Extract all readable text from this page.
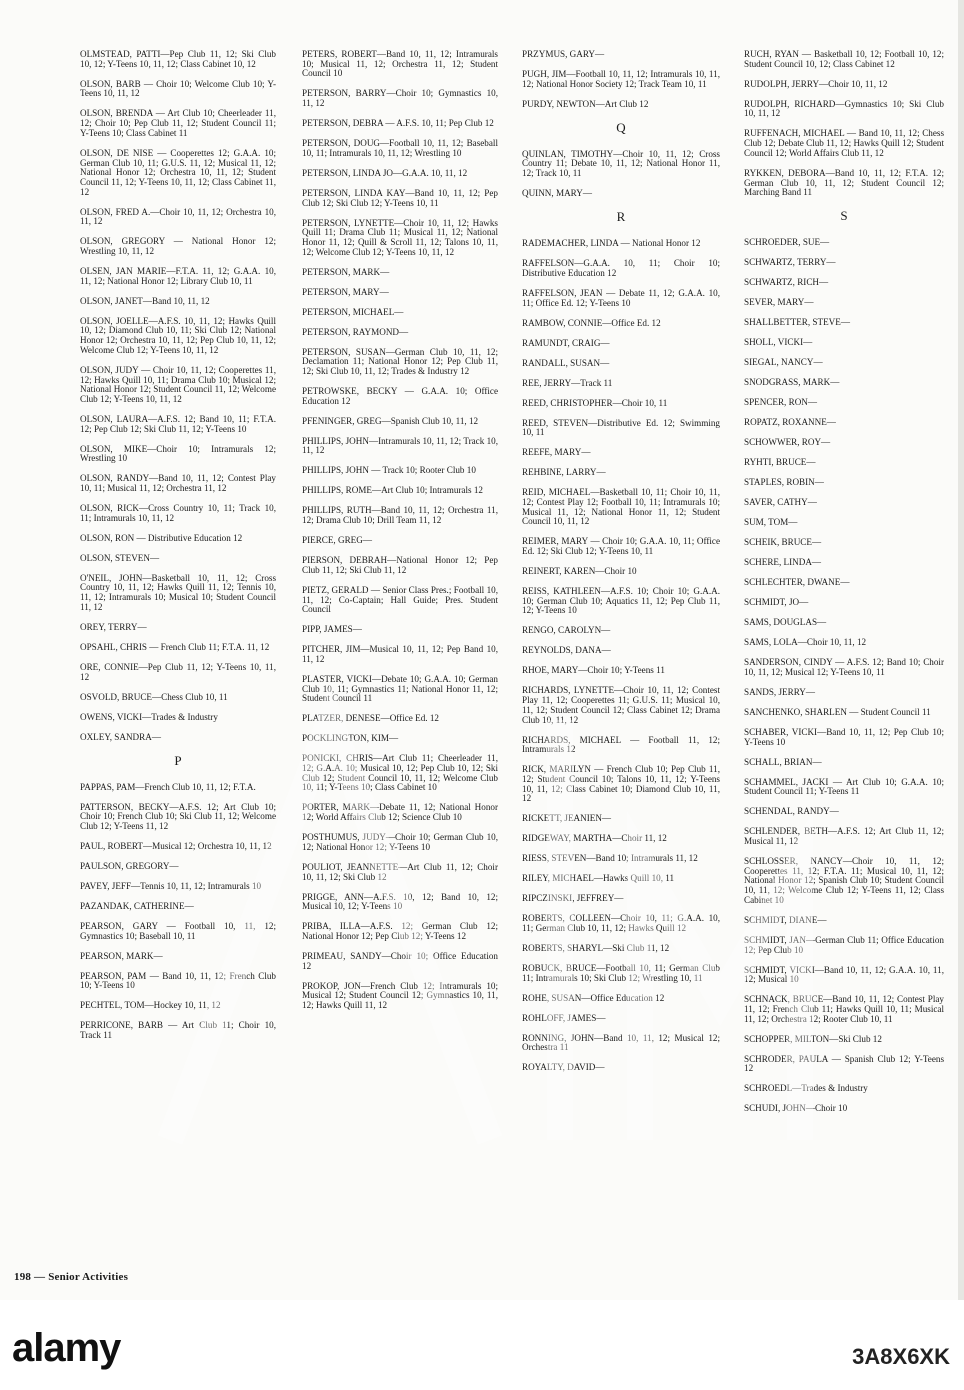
OLMSTEAD, PATTI—Pep Club 11, 12; Ski Club 10, 12; Y-Teens 10, 11, 12; Class Cabinet 10, 12
OLSON, BARB — Choir 10; Welcome Club 10; Y-Teens 10, 11, 12
OLSON, BRENDA — Art Club 10; Cheerleader 11, 12; Choir 10; Pep Club 11, 12; Student Council 11; Y-Teens 10; Class Cabinet 11
OLSON, DE NISE — Cooperettes 12; G.A.A. 10; German Club 10, 11; G.U.S. 11, 12; Musical 11, 12; National Honor 12; Orchestra 10, 11, 12; Student Council 11, 12; Y-Teens 10, 11, 12; Class Cabinet 11, 12
OLSON, FRED A.—Choir 10, 11, 12; Orchestra 10, 11, 12
OLSON, GREGORY — National Honor 12; Wrestling 10, 11, 12
OLSEN, JAN MARIE—F.T.A. 11, 12; G.A.A. 10, 11, 12; National Honor 12; Library Club 10, 11
OLSON, JANET—Band 10, 11, 12
OLSON, JOELLE—A.F.S. 10, 11, 12; Hawks Quill 10, 12; Diamond Club 10, 11; Ski Club 12; National Honor 12; Orchestra 10, 11, 12; Pep Club 10, 11, 12; Welcome Club 12; Y-Teens 10, 11, 12
OLSON, JUDY — Choir 10, 11, 12; Cooperettes 11, 12; Hawks Quill 10, 11; Drama Club 10; Musical 12; National Honor 12; Student Council 11, 12; Welcome Club 12; Y-Teens 10, 11, 12
OLSON, LAURA—A.F.S. 12; Band 10, 11; F.T.A. 12; Pep Club 12; Ski Club 11, 12; Y-Teens 10
OLSON, MIKE—Choir 10; Intramurals 12; Wrestling 10
OLSON, RANDY—Band 10, 11, 12; Contest Play 10, 11; Musical 11, 12; Orchestra 11, 12
OLSON, RICK—Cross Country 10, 11; Track 10, 11; Intramurals 10, 11, 12
OLSON, RON — Distributive Education 12
OLSON, STEVEN—
O'NEIL, JOHN—Basketball 10, 11, 12; Cross Country 10, 11, 12; Hawks Quill 11, 12; Tennis 10, 11, 12; Intramurals 10; Musical 10; Student Council 11, 12
OREY, TERRY—
OPSAHL, CHRIS — French Club 11; F.T.A. 11, 12
ORE, CONNIE—Pep Club 11, 12; Y-Teens 10, 11, 12
OSVOLD, BRUCE—Chess Club 10, 11
OWENS, VICKI—Trades & Industry
OXLEY, SANDRA—
P
PAPPAS, PAM—French Club 10, 11, 12; F.T.A.
PATTERSON, BECKY—A.F.S. 12; Art Club 10; Choir 10; French Club 10; Ski Club 11, 12; Welcome Club 12; Y-Teens 11, 12
PAUL, ROBERT—Musical 12; Orchestra 10, 11, 12
PAULSON, GREGORY—
PAVEY, JEFF—Tennis 10, 11, 12; Intramurals 10
PAZANDAK, CATHERINE—
PEARSON, GARY — Football 10, 11, 12; Gymnastics 10; Baseball 10, 11
PEARSON, MARK—
PEARSON, PAM — Band 10, 11, 12; French Club 10; Y-Teens 10
PECHTEL, TOM—Hockey 10, 11, 12
PERRICONE, BARB — Art Club 11; Choir 10, Track 11
PETERS, ROBERT—Band 10, 11, 12; Intramurals 10; Musical 11, 12; Orchestra 11, 12; Student Council 10
PETERSON, BARRY—Choir 10; Gymnastics 10, 11, 12
PETERSON, DEBRA — A.F.S. 10, 11; Pep Club 12
PETERSON, DOUG—Football 10, 11, 12; Baseball 10, 11; Intramurals 10, 11, 12; Wrestling 10
PETERSON, LINDA JO—G.A.A. 10, 11, 12
PETERSON, LINDA KAY—Band 10, 11, 12; Pep Club 12; Ski Club 12; Y-Teens 10, 11
PETERSON, LYNETTE—Choir 10, 11, 12; Hawks Quill 11; Drama Club 11; Musical 11, 12; National Honor 11, 12; Quill & Scroll 11, 12; Talons 10, 11, 12; Welcome Club 12; Y-Teens 10, 11, 12
PETERSON, MARK—
PETERSON, MARY—
PETERSON, MICHAEL—
PETERSON, RAYMOND—
PETERSON, SUSAN—German Club 10, 11, 12; Declamation 11; National Honor 12; Pep Club 11, 12; Ski Club 10, 11, 12; Trades & Industry 12
PETROWSKE, BECKY — G.A.A. 10; Office Education 12
PFENINGER, GREG—Spanish Club 10, 11, 12
PHILLIPS, JOHN—Intramurals 10, 11, 12; Track 10, 11, 12
PHILLIPS, JOHN — Track 10; Rooter Club 10
PHILLIPS, ROME—Art Club 10; Intramurals 12
PHILLIPS, RUTH—Band 10, 11, 12; Orchestra 11, 12; Drama Club 10; Drill Team 11, 12
PIERCE, GREG—
PIERSON, DEBRAH—National Honor 12; Pep Club 11, 12; Ski Club 11, 12
PIETZ, GERALD — Senior Class Pres.; Football 10, 11, 12; Co-Captain; Hall Guide; Pres. Student Council
PIPP, JAMES—
PITCHER, JIM—Musical 10, 11, 12; Pep Band 10, 11, 12
PLASTER, VICKI—Debate 10; G.A.A. 10; German Club 10, 11; Gymnastics 11; National Honor 11, 12; Student Council 11
PLATZER, DENESE—Office Ed. 12
POCKLINGTON, KIM—
PONICKI, CHRIS—Art Club 11; Cheerleader 11, 12; G.A.A. 10; Musical 10, 12; Pep Club 10, 12; Ski Club 12; Student Council 10, 11, 12; Welcome Club 10, 11; Y-Teens 10; Class Cabinet 10
PORTER, MARK—Debate 11, 12; National Honor 12; World Affairs Club 12; Science Club 10
POSTHUMUS, JUDY—Choir 10; German Club 10, 12; National Honor 12; Y-Teens 10
POULIOT, JEANNETTE—Art Club 11, 12; Choir 10, 11, 12; Ski Club 12
PRIGGE, ANN—A.F.S. 10, 12; Band 10, 12; Musical 10, 12; Y-Teens 10
PRIBA, ILLA—A.F.S. 12; German Club 12; National Honor 12; Pep Club 12; Y-Teens 12
PRIMEAU, SANDY—Choir 10; Office Education 12
PROKOP, JON—French Club 12; Intramurals 10; Musical 12; Student Council 12; Gymnastics 10, 11, 12; Hawks Quill 11, 12
PRZYMUS, GARY—
PUGH, JIM—Football 10, 11, 12; Intramurals 10, 11, 12; National Honor Society 12; Track Team 10, 11
PURDY, NEWTON—Art Club 12
Q
QUINLAN, TIMOTHY—Choir 10, 11, 12; Cross Country 11; Debate 10, 11, 12; National Honor 11, 12; Track 10, 11
QUINN, MARY—
R
RADEMACHER, LINDA — National Honor 12
RAFFELSON—G.A.A. 10, 11; Choir 10; Distributive Education 12
RAFFELSON, JEAN — Debate 11, 12; G.A.A. 10, 11; Office Ed. 12; Y-Teens 10
RAMBOW, CONNIE—Office Ed. 12
RAMUNDT, CRAIG—
RANDALL, SUSAN—
REE, JERRY—Track 11
REED, CHRISTOPHER—Choir 10, 11
REED, STEVEN—Distributive Ed. 12; Swimming 10, 11
REEFE, MARY—
REHBINE, LARRY—
REID, MICHAEL—Basketball 10, 11; Choir 10, 11, 12; Contest Play 12; Football 10, 11; Intramurals 10; Musical 11, 12; National Honor 11, 12; Student Council 10, 11, 12
REIMER, MARY — Choir 10; G.A.A. 10, 11; Office Ed. 12; Ski Club 12; Y-Teens 10, 11
REINERT, KAREN—Choir 10
REISS, KATHLEEN—A.F.S. 10; Choir 10; G.A.A. 10; German Club 10; Aquatics 11, 12; Pep Club 11, 12; Y-Teens 10
RENGO, CAROLYN—
REYNOLDS, DANA—
RHOE, MARY—Choir 10; Y-Teens 11
RICHARDS, LYNETTE—Choir 10, 11, 12; Contest Play 11, 12; Cooperettes 11; G.U.S. 11; Musical 10, 11, 12; Student Council 12; Class Cabinet 12; Drama Club 10, 11, 12
RICHARDS, MICHAEL — Football 11, 12; Intramurals 12
RICK, MARILYN — French Club 10; Pep Club 11, 12; Student Council 10; Talons 10, 11, 12; Y-Teens 10, 11, 12; Class Cabinet 10; Diamond Club 10, 11, 12
RICKETT, JEANIEN—
RIDGEWAY, MARTHA—Choir 11, 12
RIESS, STEVEN—Band 10; Intramurals 11, 12
RILEY, MICHAEL—Hawks Quill 10, 11
RIPCZINSKI, JEFFREY—
ROBERTS, COLLEEN—Choir 10, 11; G.A.A. 10, 11; German Club 10, 11, 12; Hawks Quill 12
ROBERTS, SHARYL—Ski Club 11, 12
ROBUCK, BRUCE—Football 10, 11; German Club 11; Intramurals 10; Ski Club 12; Wrestling 10, 11
ROHE, SUSAN—Office Education 12
ROHLOFF, JAMES—
RONNING, JOHN—Band 10, 11, 12; Musical 12; Orchestra 11
ROYALTY, DAVID—
RUCH, RYAN — Basketball 10, 12; Football 10, 12; Student Council 10, 12; Class Cabinet 12
RUDOLPH, JERRY—Choir 10, 11, 12
RUDOLPH, RICHARD—Gymnastics 10; Ski Club 10, 11, 12
RUFFENACH, MICHAEL — Band 10, 11, 12; Chess Club 12; Debate Club 11, 12; Hawks Quill 12; Student Council 12; World Affairs Club 11, 12
RYKKEN, DEBORA—Band 10, 11, 12; F.T.A. 12; German Club 10, 11, 12; Student Council 12; Marching Band 11
S
SCHROEDER, SUE—
SCHWARTZ, TERRY—
SCHWARTZ, RICH—
SEVER, MARY—
SHALLBETTER, STEVE—
SHOLL, VICKI—
SIEGAL, NANCY—
SNODGRASS, MARK—
SPENCER, RON—
ROPATZ, ROXANNE—
SCHOWWER, ROY—
RYHTI, BRUCE—
STAPLES, ROBIN—
SAVER, CATHY—
SUM, TOM—
SCHEIK, BRUCE—
SCHERE, LINDA—
SCHLECHTER, DWANE—
SCHMIDT, JO—
SAMS, DOUGLAS—
SAMS, LOLA—Choir 10, 11, 12
SANDERSON, CINDY — A.F.S. 12; Band 10; Choir 10, 11, 12; Musical 12; Y-Teens 10, 11
SANDS, JERRY—
SANCHENKO, SHARLEN — Student Council 11
SCHABER, VICKI—Band 10, 11, 12; Pep Club 10; Y-Teens 10
SCHALL, BRIAN—
SCHAMMEL, JACKI — Art Club 10; G.A.A. 10; Student Council 11; Y-Teens 11
SCHENDAL, RANDY—
SCHLENDER, BETH—A.F.S. 12; Art Club 11, 12; Musical 11, 12
SCHLOSSER, NANCY—Choir 10, 11, 12; Cooperettes 11, 12; F.T.A. 11; Musical 10, 11, 12; National Honor 12; Spanish Club 10; Student Council 10, 11, 12; Welcome Club 12; Y-Teens 11, 12; Class Cabinet 10
SCHMIDT, DIANE—
SCHMIDT, JAN—German Club 11; Office Education 12; Pep Club 10
SCHMIDT, VICKI—Band 10, 11, 12; G.A.A. 10, 11, 12; Musical 10
SCHNACK, BRUCE—Band 10, 11, 12; Contest Play 11, 12; French Club 11; Hawks Quill 10, 11; Musical 11, 12; Orchestra 12; Rooter Club 10, 11
SCHOPPER, MILTON—Ski Club 12
SCHRODER, PAULA — Spanish Club 12; Y-Teens 12
SCHROEDL—Trades & Industry
SCHUDI, JOHN—Choir 10
198 — Senior Activities
alamy	3A8X6XK
